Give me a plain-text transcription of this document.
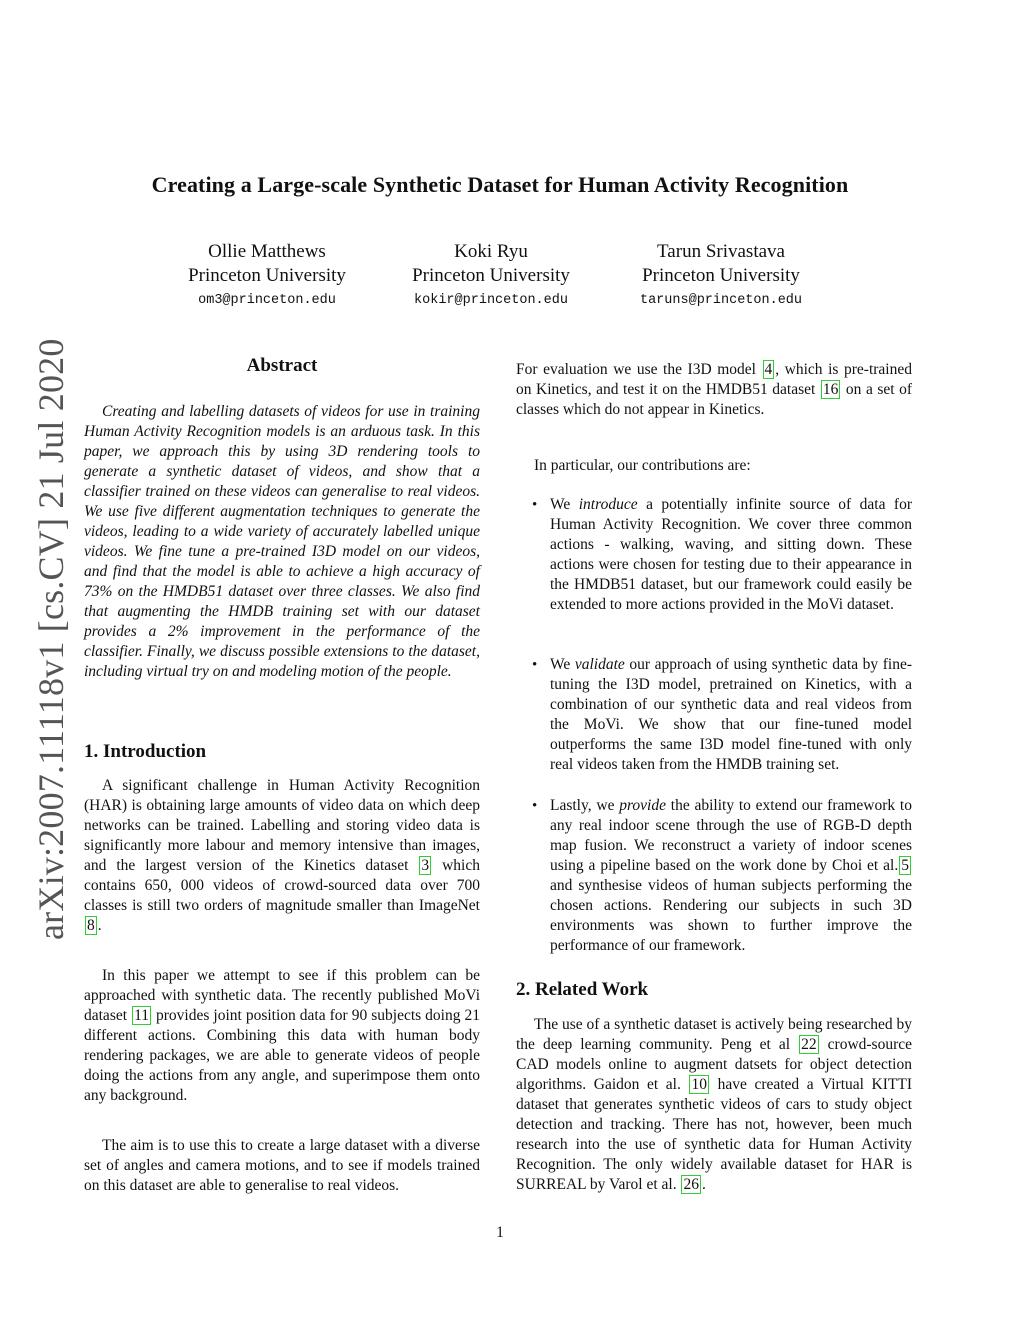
arXiv:2007.11118v1 [cs.CV] 21 Jul 2020
Creating a Large-scale Synthetic Dataset for Human Activity Recognition
Ollie Matthews
Princeton University
om3@princeton.edu
Koki Ryu
Princeton University
kokir@princeton.edu
Tarun Srivastava
Princeton University
taruns@princeton.edu
Abstract

Creating and labelling datasets of videos for use in training Human Activity Recognition models is an arduous task. In this paper, we approach this by using 3D rendering tools to generate a synthetic dataset of videos, and show that a classifier trained on these videos can generalise to real videos. We use five different augmentation techniques to generate the videos, leading to a wide variety of accurately labelled unique videos. We fine tune a pre-trained I3D model on our videos, and find that the model is able to achieve a high accuracy of 73% on the HMDB51 dataset over three classes. We also find that augmenting the HMDB training set with our dataset provides a 2% improvement in the performance of the classifier. Finally, we discuss possible extensions to the dataset, including virtual try on and modeling motion of the people.

1. Introduction

A significant challenge in Human Activity Recognition (HAR) is obtaining large amounts of video data on which deep networks can be trained. Labelling and storing video data is significantly more labour and memory intensive than images, and the largest version of the Kinetics dataset 3 which contains 650, 000 videos of crowd-sourced data over 700 classes is still two orders of magnitude smaller than ImageNet 8 .

In this paper we attempt to see if this problem can be approached with synthetic data. The recently published MoVi dataset 11 provides joint position data for 90 subjects doing 21 different actions. Combining this data with human body rendering packages, we are able to generate videos of people doing the actions from any angle, and superimpose them onto any background.

The aim is to use this to create a large dataset with a diverse set of angles and camera motions, and to see if models trained on this dataset are able to generalise to real videos.

For evaluation we use the I3D model 4 , which is pre-trained on Kinetics, and test it on the HMDB51 dataset 16 on a set of classes which do not appear in Kinetics.

In particular, our contributions are:

• We introduce a potentially infinite source of data for Human Activity Recognition. We cover three common actions - walking, waving, and sitting down. These actions were chosen for testing due to their appearance in the HMDB51 dataset, but our framework could easily be extended to more actions provided in the MoVi dataset.
• We validate our approach of using synthetic data by fine-tuning the I3D model, pretrained on Kinetics, with a combination of our synthetic data and real videos from the MoVi. We show that our fine-tuned model outperforms the same I3D model fine-tuned with only real videos taken from the HMDB training set.
• Lastly, we provide the ability to extend our framework to any real indoor scene through the use of RGB-D depth map fusion. We reconstruct a variety of indoor scenes using a pipeline based on the work done by Choi et al. 5 and synthesise videos of human subjects performing the chosen actions. Rendering our subjects in such 3D environments was shown to further improve the performance of our framework.
2. Related Work

The use of a synthetic dataset is actively being researched by the deep learning community. Peng et al 22 crowd-source CAD models online to augment datsets for object detection algorithms. Gaidon et al. 10 have created a Virtual KITTI dataset that generates synthetic videos of cars to study object detection and tracking. There has not, however, been much research into the use of synthetic data for Human Activity Recognition. The only widely available dataset for HAR is SURREAL by Varol et al. 26 .

1
